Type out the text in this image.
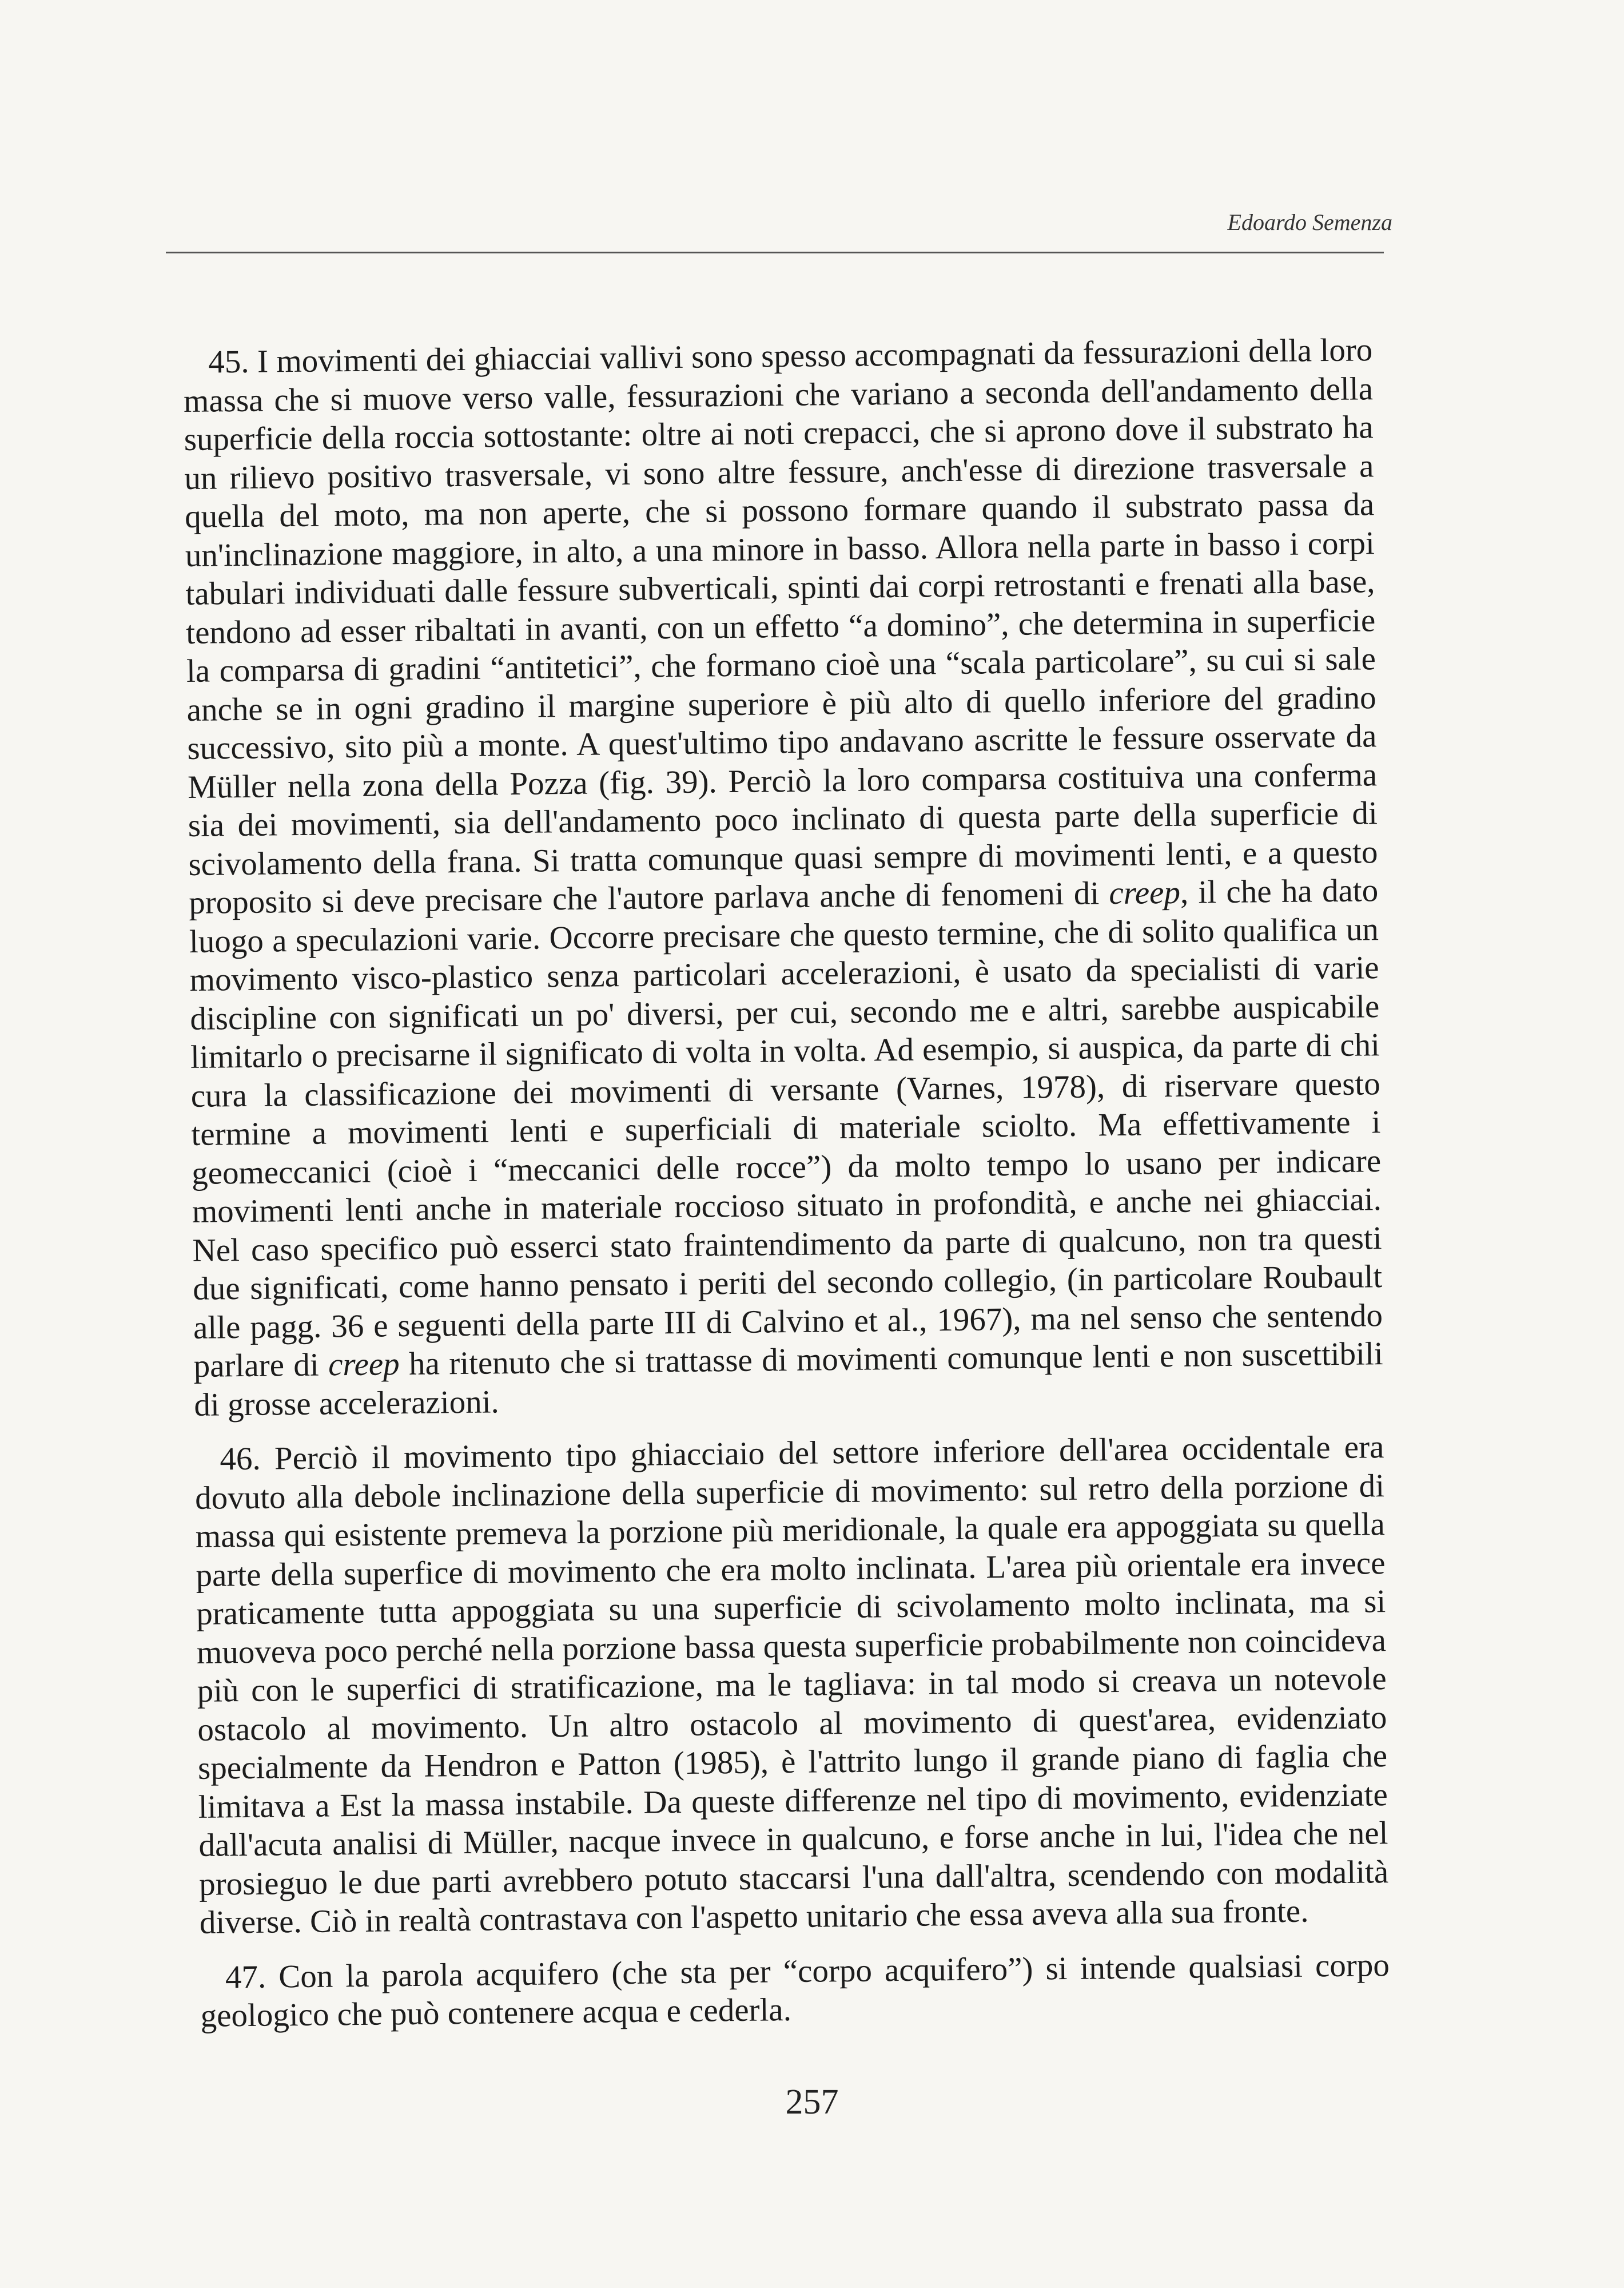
Edoardo Semenza

45. I movimenti dei ghiacciai vallivi sono spesso accompagnati da fessurazioni della loro massa che si muove verso valle, fessurazioni che variano a seconda dell'andamento della superficie della roccia sottostante: oltre ai noti crepacci, che si aprono dove il substrato ha un rilievo positivo trasversale, vi sono altre fessure, anch'esse di direzione trasversale a quella del moto, ma non aperte, che si possono formare quando il substrato passa da un'inclinazione maggiore, in alto, a una minore in basso. Allora nella parte in basso i corpi tabulari individuati dalle fessure subverticali, spinti dai corpi retrostanti e frenati alla base, tendono ad esser ribaltati in avanti, con un effetto “a domino”, che determina in superficie la comparsa di gradini “antitetici”, che formano cioè una “scala particolare”, su cui si sale anche se in ogni gradino il margine superiore è più alto di quello inferiore del gradino successivo, sito più a monte. A quest'ultimo tipo andavano ascritte le fessure osservate da Müller nella zona della Pozza (fig. 39). Perciò la loro comparsa costituiva una conferma sia dei movimenti, sia dell'andamento poco inclinato di questa parte della superficie di scivolamento della frana. Si tratta comunque quasi sempre di movimenti lenti, e a questo proposito si deve precisare che l'autore parlava anche di fenomeni di creep, il che ha dato luogo a speculazioni varie. Occorre precisare che questo termine, che di solito qualifica un movimento visco-plastico senza particolari accelerazioni, è usato da specialisti di varie discipline con significati un po' diversi, per cui, secondo me e altri, sarebbe auspicabile limitarlo o precisarne il significato di volta in volta. Ad esempio, si auspica, da parte di chi cura la classificazione dei movimenti di versante (Varnes, 1978), di riservare questo termine a movimenti lenti e superficiali di materiale sciolto. Ma effettivamente i geomeccanici (cioè i “meccanici delle rocce”) da molto tempo lo usano per indicare movimenti lenti anche in materiale roccioso situato in profondità, e anche nei ghiacciai. Nel caso specifico può esserci stato fraintendimento da parte di qualcuno, non tra questi due significati, come hanno pensato i periti del secondo collegio, (in particolare Roubault alle pagg. 36 e seguenti della parte III di Calvino et al., 1967), ma nel senso che sentendo parlare di creep ha ritenuto che si trattasse di movimenti comunque lenti e non suscettibili di grosse accelerazioni.

46. Perciò il movimento tipo ghiacciaio del settore inferiore dell'area occidentale era dovuto alla debole inclinazione della superficie di movimento: sul retro della porzione di massa qui esistente premeva la porzione più meridionale, la quale era appoggiata su quella parte della superfice di movimento che era molto inclinata. L'area più orientale era invece praticamente tutta appoggiata su una superficie di scivolamento molto inclinata, ma si muoveva poco perché nella porzione bassa questa superficie probabilmente non coincideva più con le superfici di stratificazione, ma le tagliava: in tal modo si creava un notevole ostacolo al movimento. Un altro ostacolo al movimento di quest'area, evidenziato specialmente da Hendron e Patton (1985), è l'attrito lungo il grande piano di faglia che limitava a Est la massa instabile. Da queste differenze nel tipo di movimento, evidenziate dall'acuta analisi di Müller, nacque invece in qualcuno, e forse anche in lui, l'idea che nel prosieguo le due parti avrebbero potuto staccarsi l'una dall'altra, scendendo con modalità diverse. Ciò in realtà contrastava con l'aspetto unitario che essa aveva alla sua fronte.

47. Con la parola acquifero (che sta per “corpo acquifero”) si intende qualsiasi corpo geologico che può contenere acqua e cederla.

257
